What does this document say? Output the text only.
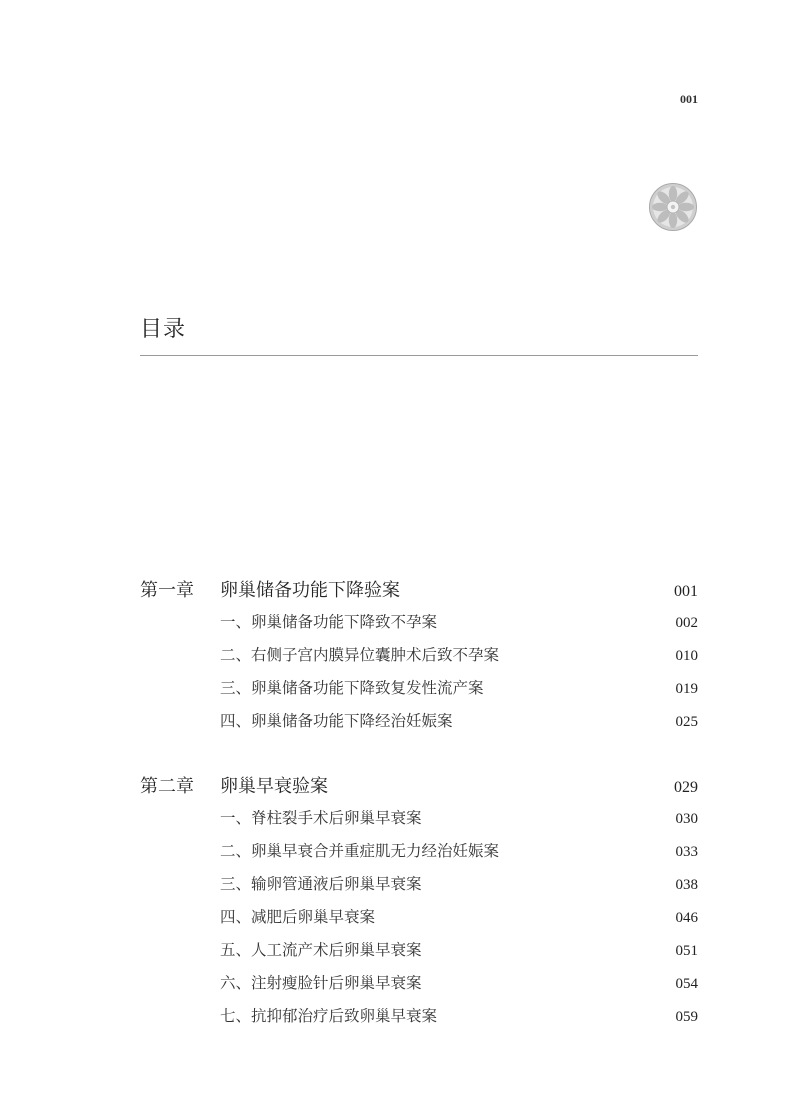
001
目录
第一章	卵巢储备功能下降验案	001
一、卵巢储备功能下降致不孕案	002
二、右侧子宫内膜异位囊肿术后致不孕案	010
三、卵巢储备功能下降致复发性流产案	019
四、卵巢储备功能下降经治妊娠案	025
第二章	卵巢早衰验案	029
一、脊柱裂手术后卵巢早衰案	030
二、卵巢早衰合并重症肌无力经治妊娠案	033
三、输卵管通液后卵巢早衰案	038
四、减肥后卵巢早衰案	046
五、人工流产术后卵巢早衰案	051
六、注射瘦脸针后卵巢早衰案	054
七、抗抑郁治疗后致卵巢早衰案	059
